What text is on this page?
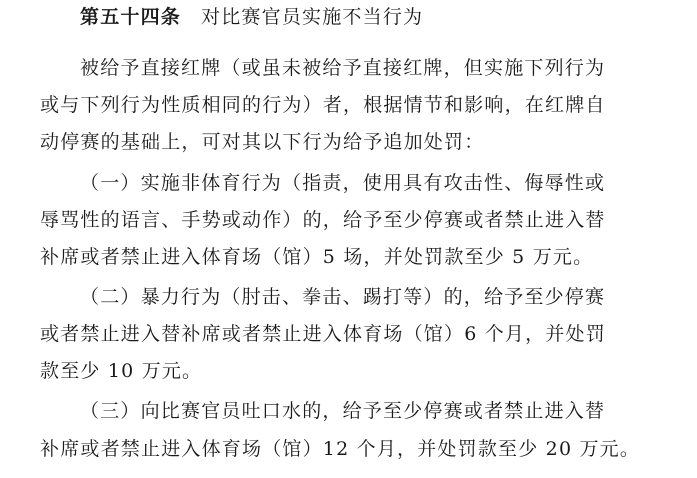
第五十四条 对比赛官员实施不当行为
被给予直接红牌（或虽未被给予直接红牌，但实施下列行为
或与下列行为性质相同的行为）者，根据情节和影响，在红牌自
动停赛的基础上，可对其以下行为给予追加处罚：
（一）实施非体育行为（指责，使用具有攻击性、侮辱性或
辱骂性的语言、手势或动作）的，给予至少停赛或者禁止进入替
补席或者禁止进入体育场（馆）5 场，并处罚款至少 5 万元。
（二）暴力行为（肘击、拳击、踢打等）的，给予至少停赛
或者禁止进入替补席或者禁止进入体育场（馆）6 个月，并处罚
款至少 10 万元。
（三）向比赛官员吐口水的，给予至少停赛或者禁止进入替
补席或者禁止进入体育场（馆）12 个月，并处罚款至少 20 万元。
